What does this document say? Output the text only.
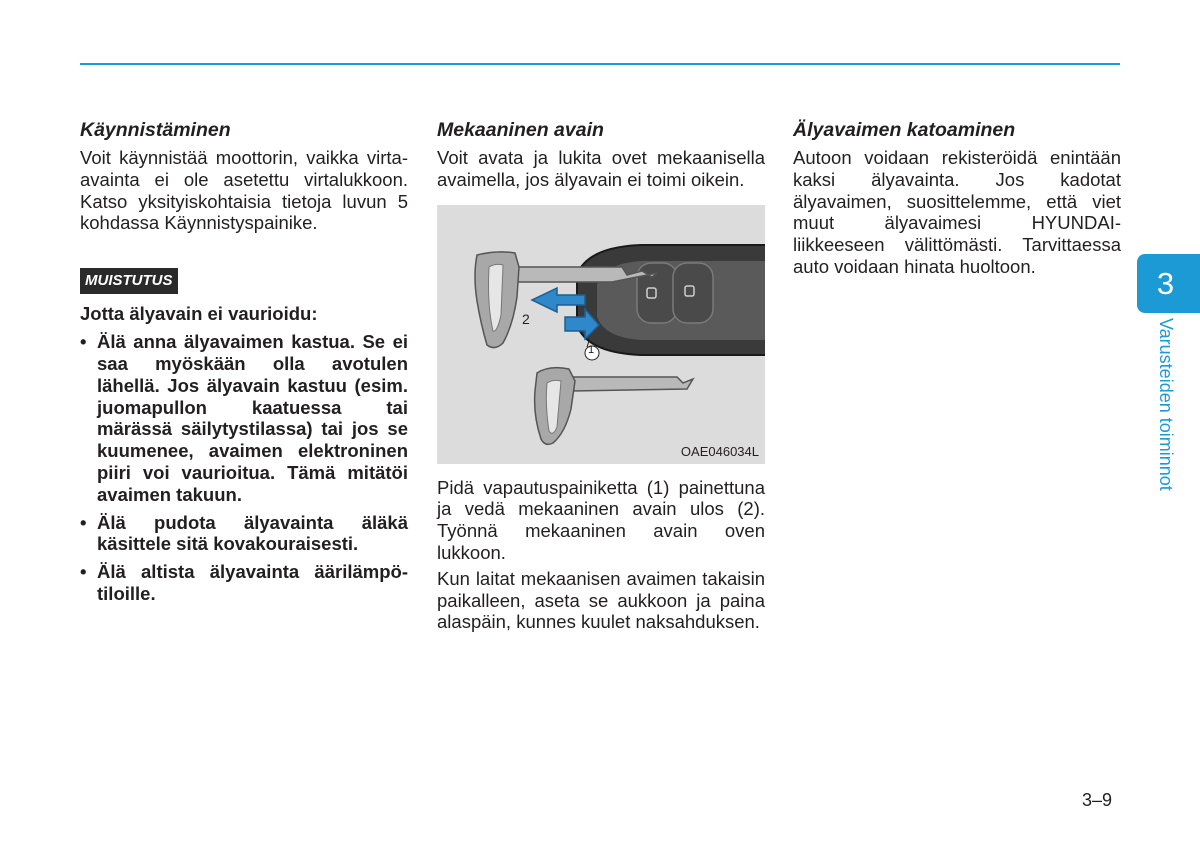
Käynnistäminen

Voit käynnistää moottorin, vaikka virta-avainta ei ole asetettu virtalukkoon. Katso yksityiskohtaisia tietoja luvun 5 kohdassa Käynnistyspainike.

MUISTUTUS
Jotta älyavain ei vaurioidu:
• Älä anna älyavaimen kastua. Se ei saa myöskään olla avotulen lähellä. Jos älyavain kastuu (esim. juomapullon kaatuessa tai märässä säilytystilassa) tai jos se kuumenee, avaimen elektroninen piiri voi vaurioitua. Tämä mitätöi avaimen takuun.
• Älä pudota älyavainta äläkä käsittele sitä kovakouraisesti.
• Älä altista älyavainta äärilämpötiloille.
Mekaaninen avain

Voit avata ja lukita ovet mekaanisella avaimella, jos älyavain ei toimi oikein.

2
1
OAE046034L

Pidä vapautuspainiketta (1) painettuna ja vedä mekaaninen avain ulos (2). Työnnä mekaaninen avain oven lukkoon.

Kun laitat mekaanisen avaimen takaisin paikalleen, aseta se aukkoon ja paina alaspäin, kunnes kuulet naksahduksen.

Älyavaimen katoaminen

Autoon voidaan rekisteröidä enintään kaksi älyavainta. Jos kadotat älyavaimen, suosittelemme, että viet muut älyavaimesi HYUNDAI-liikkeeseen välittömästi. Tarvittaessa auto voidaan hinata huoltoon.	3
Varusteiden toiminnot
3–9
